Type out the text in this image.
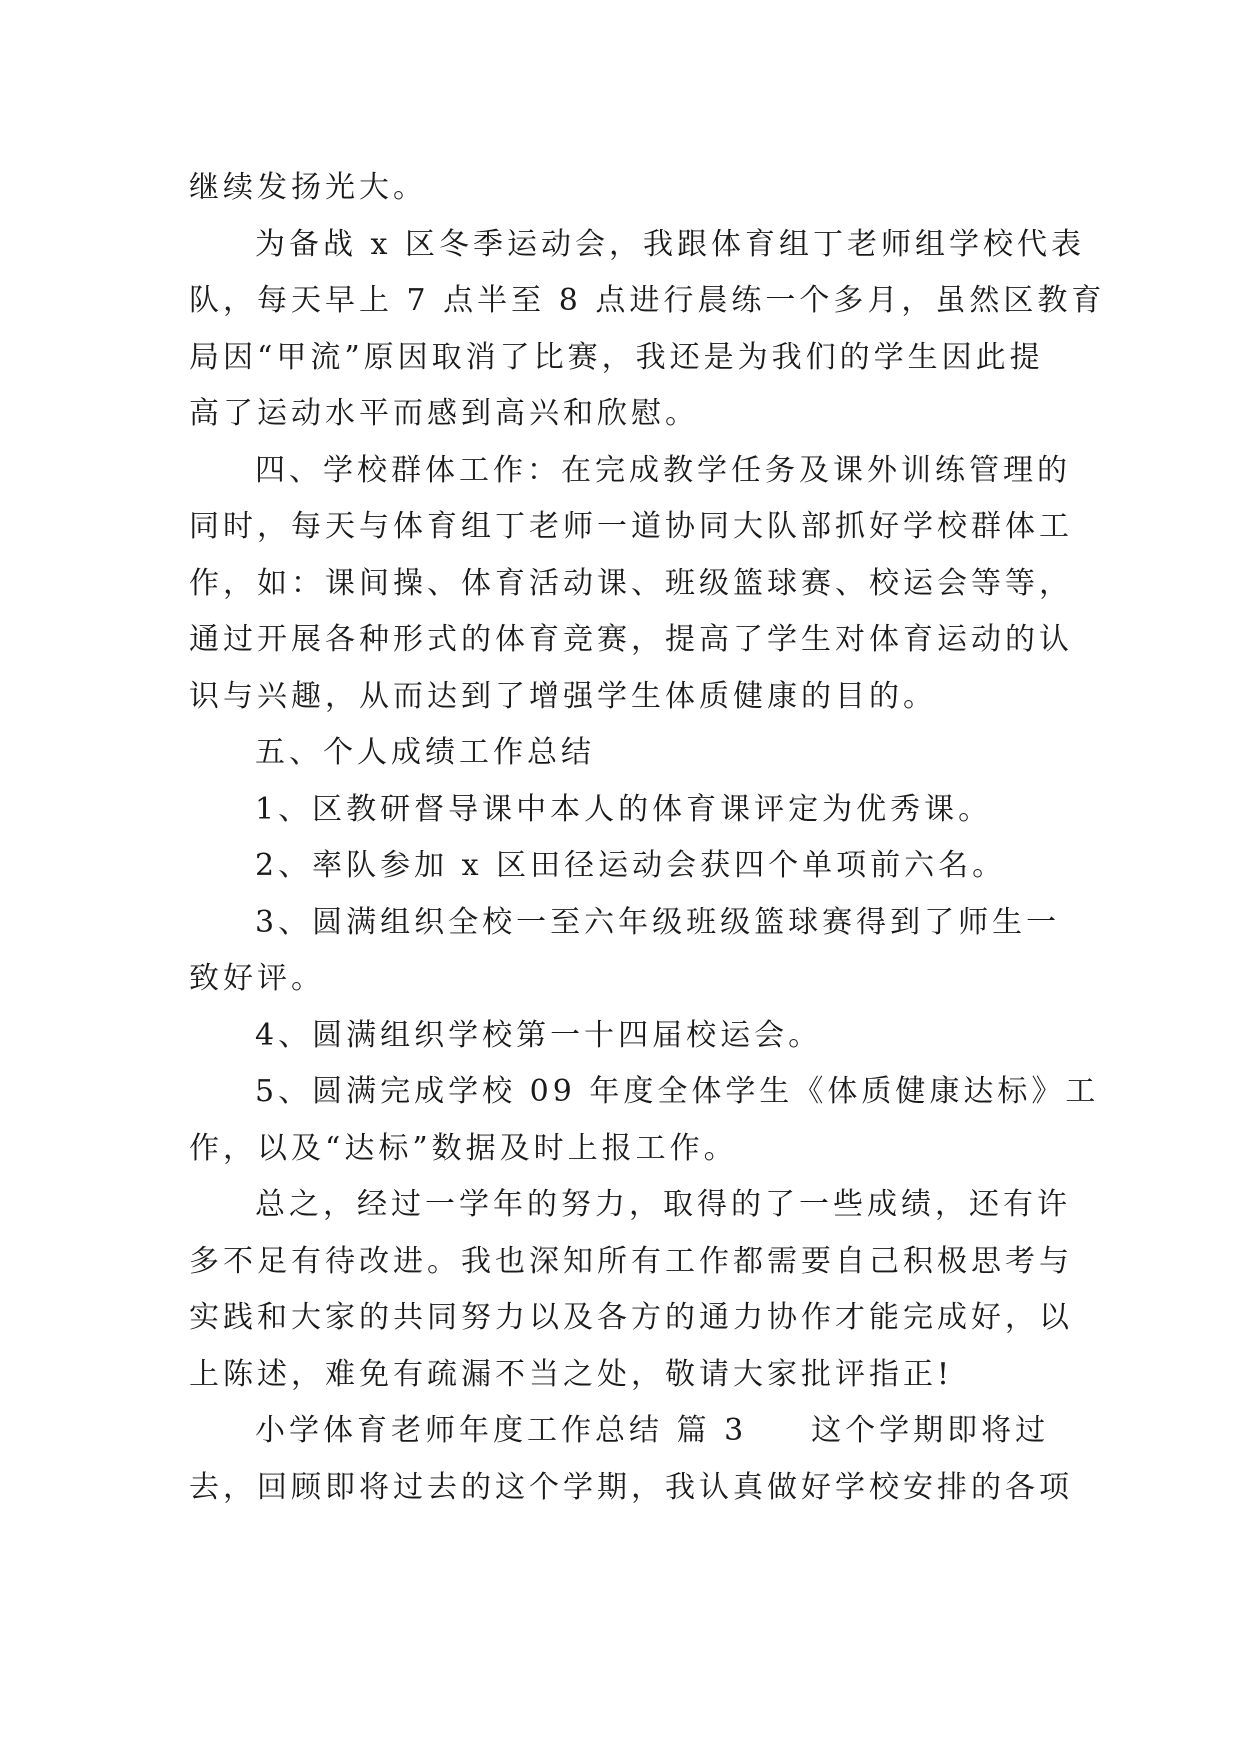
继续发扬光大。
为备战 x 区冬季运动会，我跟体育组丁老师组学校代表
队，每天早上 7 点半至 8 点进行晨练一个多月，虽然区教育
局因“甲流”原因取消了比赛，我还是为我们的学生因此提
高了运动水平而感到高兴和欣慰。
四、学校群体工作：在完成教学任务及课外训练管理的
同时，每天与体育组丁老师一道协同大队部抓好学校群体工
作，如：课间操、体育活动课、班级篮球赛、校运会等等，
通过开展各种形式的体育竞赛，提高了学生对体育运动的认
识与兴趣，从而达到了增强学生体质健康的目的。
五、个人成绩工作总结
1、区教研督导课中本人的体育课评定为优秀课。
2、率队参加 x 区田径运动会获四个单项前六名。
3、圆满组织全校一至六年级班级篮球赛得到了师生一
致好评。
4、圆满组织学校第一十四届校运会。
5、圆满完成学校 09 年度全体学生《体质健康达标》工
作，以及“达标”数据及时上报工作。
总之，经过一学年的努力，取得的了一些成绩，还有许
多不足有待改进。我也深知所有工作都需要自己积极思考与
实践和大家的共同努力以及各方的通力协作才能完成好，以
上陈述，难免有疏漏不当之处，敬请大家批评指正!
小学体育老师年度工作总结 篇 3 这个学期即将过
去，回顾即将过去的这个学期，我认真做好学校安排的各项
